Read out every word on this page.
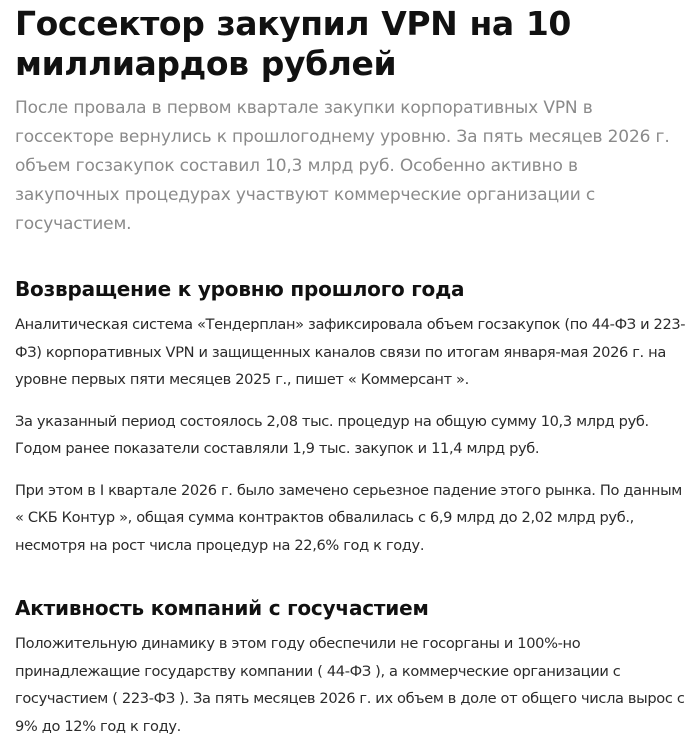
Госсектор закупил VPN на 10 миллиардов рублей

После провала в первом квартале закупки корпоративных VPN в госсекторе вернулись к прошлогоднему уровню. За пять месяцев 2026 г. объем госзакупок составил 10,3 млрд руб. Особенно активно в закупочных процедурах участвуют коммерческие организации с госучастием.

Возвращение к уровню прошлого года

Аналитическая система «Тендерплан» зафиксировала объем госзакупок (по 44-ФЗ и 223-ФЗ) корпоративных VPN и защищенных каналов связи по итогам января-мая 2026 г. на уровне первых пяти месяцев 2025 г., пишет « Коммерсант ».

За указанный период состоялось 2,08 тыс. процедур на общую сумму 10,3 млрд руб. Годом ранее показатели составляли 1,9 тыс. закупок и 11,4 млрд руб.

При этом в I квартале 2026 г. было замечено серьезное падение этого рынка. По данным « СКБ Контур », общая сумма контрактов обвалилась с 6,9 млрд до 2,02 млрд руб., несмотря на рост числа процедур на 22,6% год к году.

Активность компаний с госучастием

Положительную динамику в этом году обеспечили не госорганы и 100%-но принадлежащие государству компании ( 44-ФЗ ), а коммерческие организации с госучастием ( 223-ФЗ ). За пять месяцев 2026 г. их объем в доле от общего числа вырос с 9% до 12% год к году.
